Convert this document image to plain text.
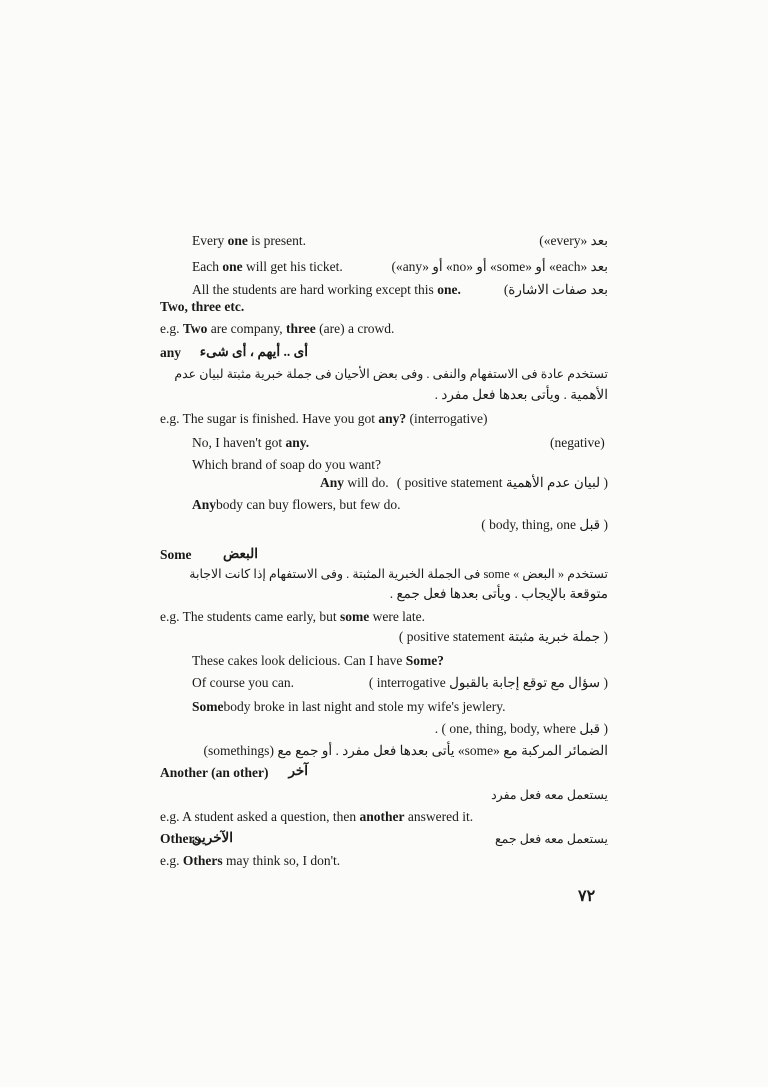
Every one is present.	بعد «every»)
Each one will get his ticket.	بعد «each» أو «some» أو «no» أو «any»)
All the students are hard working except this one.	بعد صفات الاشارة)
Two, three etc.
e.g. Two are company, three (are) a crowd.
any أى .. أيهم ، أى شىء
تستخدم عادة فى الاستفهام والنفى . وفى بعض الأحيان فى جملة خبرية مثبتة لبيان عدم
الأهمية . ويأتى بعدها فعل مفرد .
e.g. The sugar is finished. Have you got any? (interrogative)
No, I haven't got any.	(negative)
Which brand of soap do you want?
Any will do. ( لبيان عدم الأهمية positive statement )
Anybody can buy flowers, but few do.
( body, thing, one قبل )
Some البعض
تستخدم « البعض » some فى الجملة الخبرية المثبتة . وفى الاستفهام إذا كانت الاجابة
متوقعة بالإيجاب . ويأتى بعدها فعل جمع .
e.g. The students came early, but some were late.
( جملة خبرية مثبتة positive statement )
These cakes look delicious. Can I have Some?
Of course you can.	( سؤال مع توقع إجابة بالقبول interrogative )
Somebody broke in last night and stole my wife's jewlery.
( قبل one, thing, body, where ) .
الضمائر المركبة مع «some» يأتى بعدها فعل مفرد . أو جمع مع (somethings)
Another (an other) آخر
يستعمل معه فعل مفرد
e.g. A student asked a question, then another answered it.
Others
الآخرين	يستعمل معه فعل جمع
e.g. Others may think so, I don't.
٧٢
